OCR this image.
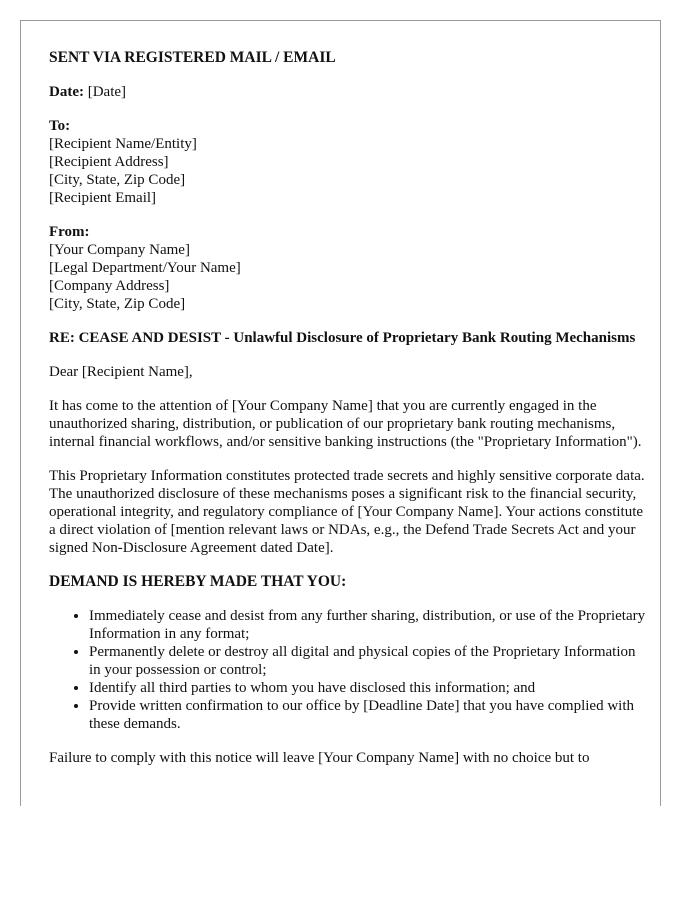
SENT VIA REGISTERED MAIL / EMAIL

Date: [Date]

To:
[Recipient Name/Entity]
[Recipient Address]
[City, State, Zip Code]
[Recipient Email]
From:
[Your Company Name]
[Legal Department/Your Name]
[Company Address]
[City, State, Zip Code]

RE: CEASE AND DESIST - Unlawful Disclosure of Proprietary Bank Routing Mechanisms

Dear [Recipient Name],

It has come to the attention of [Your Company Name] that you are currently engaged in the unauthorized sharing, distribution, or publication of our proprietary bank routing mechanisms, internal financial workflows, and/or sensitive banking instructions (the "Proprietary Information").

This Proprietary Information constitutes protected trade secrets and highly sensitive corporate data. The unauthorized disclosure of these mechanisms poses a significant risk to the financial security, operational integrity, and regulatory compliance of [Your Company Name]. Your actions constitute a direct violation of [mention relevant laws or NDAs, e.g., the Defend Trade Secrets Act and your signed Non-Disclosure Agreement dated Date].

DEMAND IS HEREBY MADE THAT YOU:

• Immediately cease and desist from any further sharing, distribution, or use of the Proprietary Information in any format;
• Permanently delete or destroy all digital and physical copies of the Proprietary Information in your possession or control;
• Identify all third parties to whom you have disclosed this information; and
• Provide written confirmation to our office by [Deadline Date] that you have complied with these demands.

Failure to comply with this notice will leave [Your Company Name] with no choice but to
